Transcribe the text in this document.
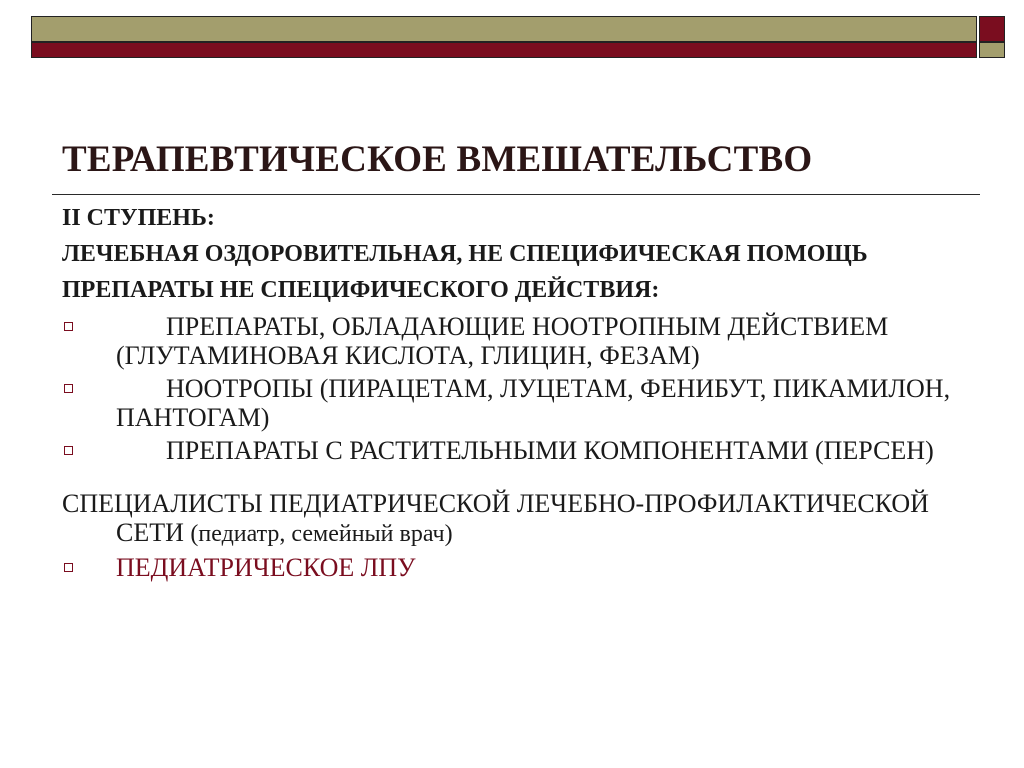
ТЕРАПЕВТИЧЕСКОЕ ВМЕШАТЕЛЬСТВО
II СТУПЕНЬ:
ЛЕЧЕБНАЯ ОЗДОРОВИТЕЛЬНАЯ, НЕ СПЕЦИФИЧЕСКАЯ ПОМОЩЬ
ПРЕПАРАТЫ НЕ СПЕЦИФИЧЕСКОГО ДЕЙСТВИЯ:
ПРЕПАРАТЫ, ОБЛАДАЮЩИЕ НООТРОПНЫМ ДЕЙСТВИЕМ (ГЛУТАМИНОВАЯ КИСЛОТА, ГЛИЦИН, ФЕЗАМ)
НООТРОПЫ (ПИРАЦЕТАМ, ЛУЦЕТАМ, ФЕНИБУТ, ПИКАМИЛОН, ПАНТОГАМ)
ПРЕПАРАТЫ С РАСТИТЕЛЬНЫМИ КОМПОНЕНТАМИ (ПЕРСЕН)
СПЕЦИАЛИСТЫ ПЕДИАТРИЧЕСКОЙ ЛЕЧЕБНО-ПРОФИЛАКТИЧЕСКОЙ СЕТИ (педиатр, семейный врач)
ПЕДИАТРИЧЕСКОЕ ЛПУ
